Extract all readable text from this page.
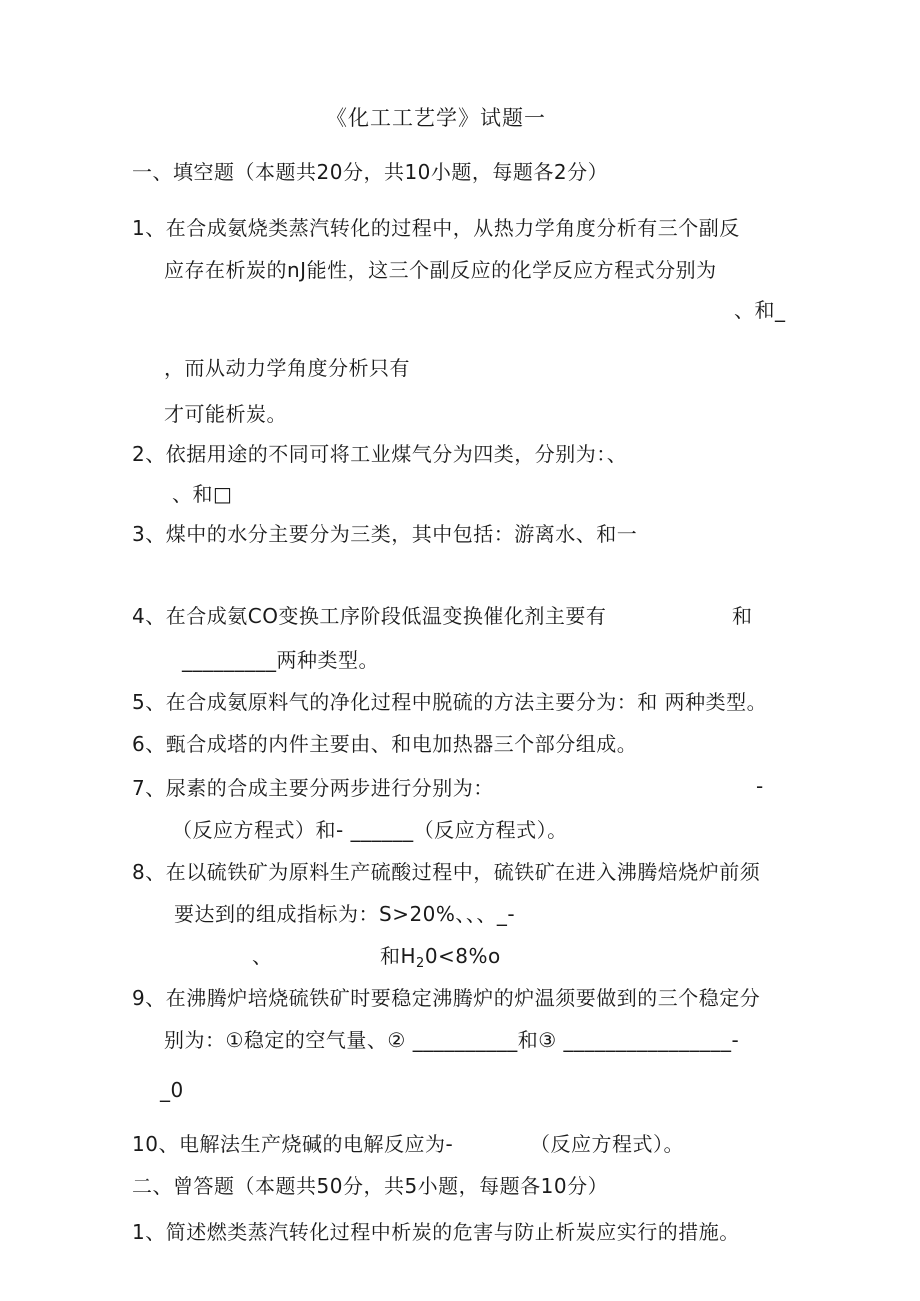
《化工工艺学》试题一
一、填空题（本题共20分，共10小题，每题各2分）
1、在合成氨烧类蒸汽转化的过程中，从热力学角度分析有三个副反
应存在析炭的nJ能性，这三个副反应的化学反应方程式分别为
、和_
，而从动力学角度分析只有
才可能析炭。
2、依据用途的不同可将工业煤气分为四类，分别为：、
、和□
3、煤中的水分主要分为三类，其中包括：游离水、和一
4、在合成氨CO变换工序阶段低温变换催化剂主要有	和
_________两种类型。
5、在合成氨原料气的净化过程中脱硫的方法主要分为：和 两种类型。
6、甄合成塔的内件主要由、和电加热器三个部分组成。
7、尿素的合成主要分两步进行分别为：	-
（反应方程式）和- ______（反应方程式）。
8、在以硫铁矿为原料生产硫酸过程中，硫铁矿在进入沸腾焙烧炉前须
要达到的组成指标为：S>20%、、、_-
、	和$H_20<8\%o$
9、在沸腾炉培烧硫铁矿时要稳定沸腾炉的炉温须要做到的三个稳定分
别为：①稳定的空气量、② __________和③ ________________-
_0
10、电解法生产烧碱的电解反应为-	（反应方程式）。
二、曾答题（本题共50分，共5小题，每题各10分）
1、简述燃类蒸汽转化过程中析炭的危害与防止析炭应实行的措施。
